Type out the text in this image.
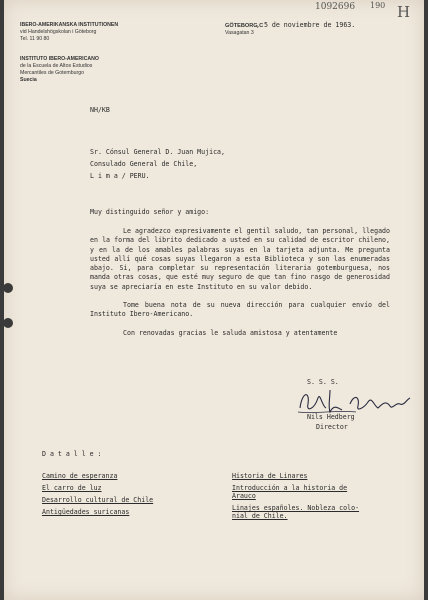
1092696 190 H
IBERO-AMERIKANSKA INSTITUTIONEN
vid Handelshögskolan i Göteborg
Tel. 11 90 80
INSTITUTO IBERO-AMERICANO
de la Escuela de Altos Estudios
Mercantiles de Gotemburgo
Suecia
GÖTEBORG C
, 5 de noviembre de 1963.
Vasagatan 3
NH/KB
Sr. Cónsul General D. Juan Mujica,
Consulado General de Chile,
L i m a / PERU.
Muy distinguido señor y amigo:
Le agradezco expresivamente el gentil saludo, tan personal, llegado en la forma del librito dedicado a usted en su calidad de escritor chileno, y en la de los amables palabras suyas en la tarjeta adjunta. Me pregunta usted allí qué cosas suyas llegaron a esta Biblioteca y son las enumeradas abajo. Si, para completar su representación literaria gotemburguesa, nos manda otras cosas, que esté muy seguro de que tan fino rasgo de generosidad suya se apreciaría en este Instituto en su valor debido.
Tome buena nota de su nueva dirección para cualquier envío del Instituto Ibero-Americano.
Con renovadas gracias le saluda amistosa y atentamente
S. S. S.
Nils Hedberg
Director
D a t a l l e :
Camino de esperanza
El carro de luz
Desarrollo cultural de Chile
Antigüedades suricanas
Historia de Linares
Introducción a la historia de
Arauco
Linajes españoles. Nobleza colo-
nial de Chile.
